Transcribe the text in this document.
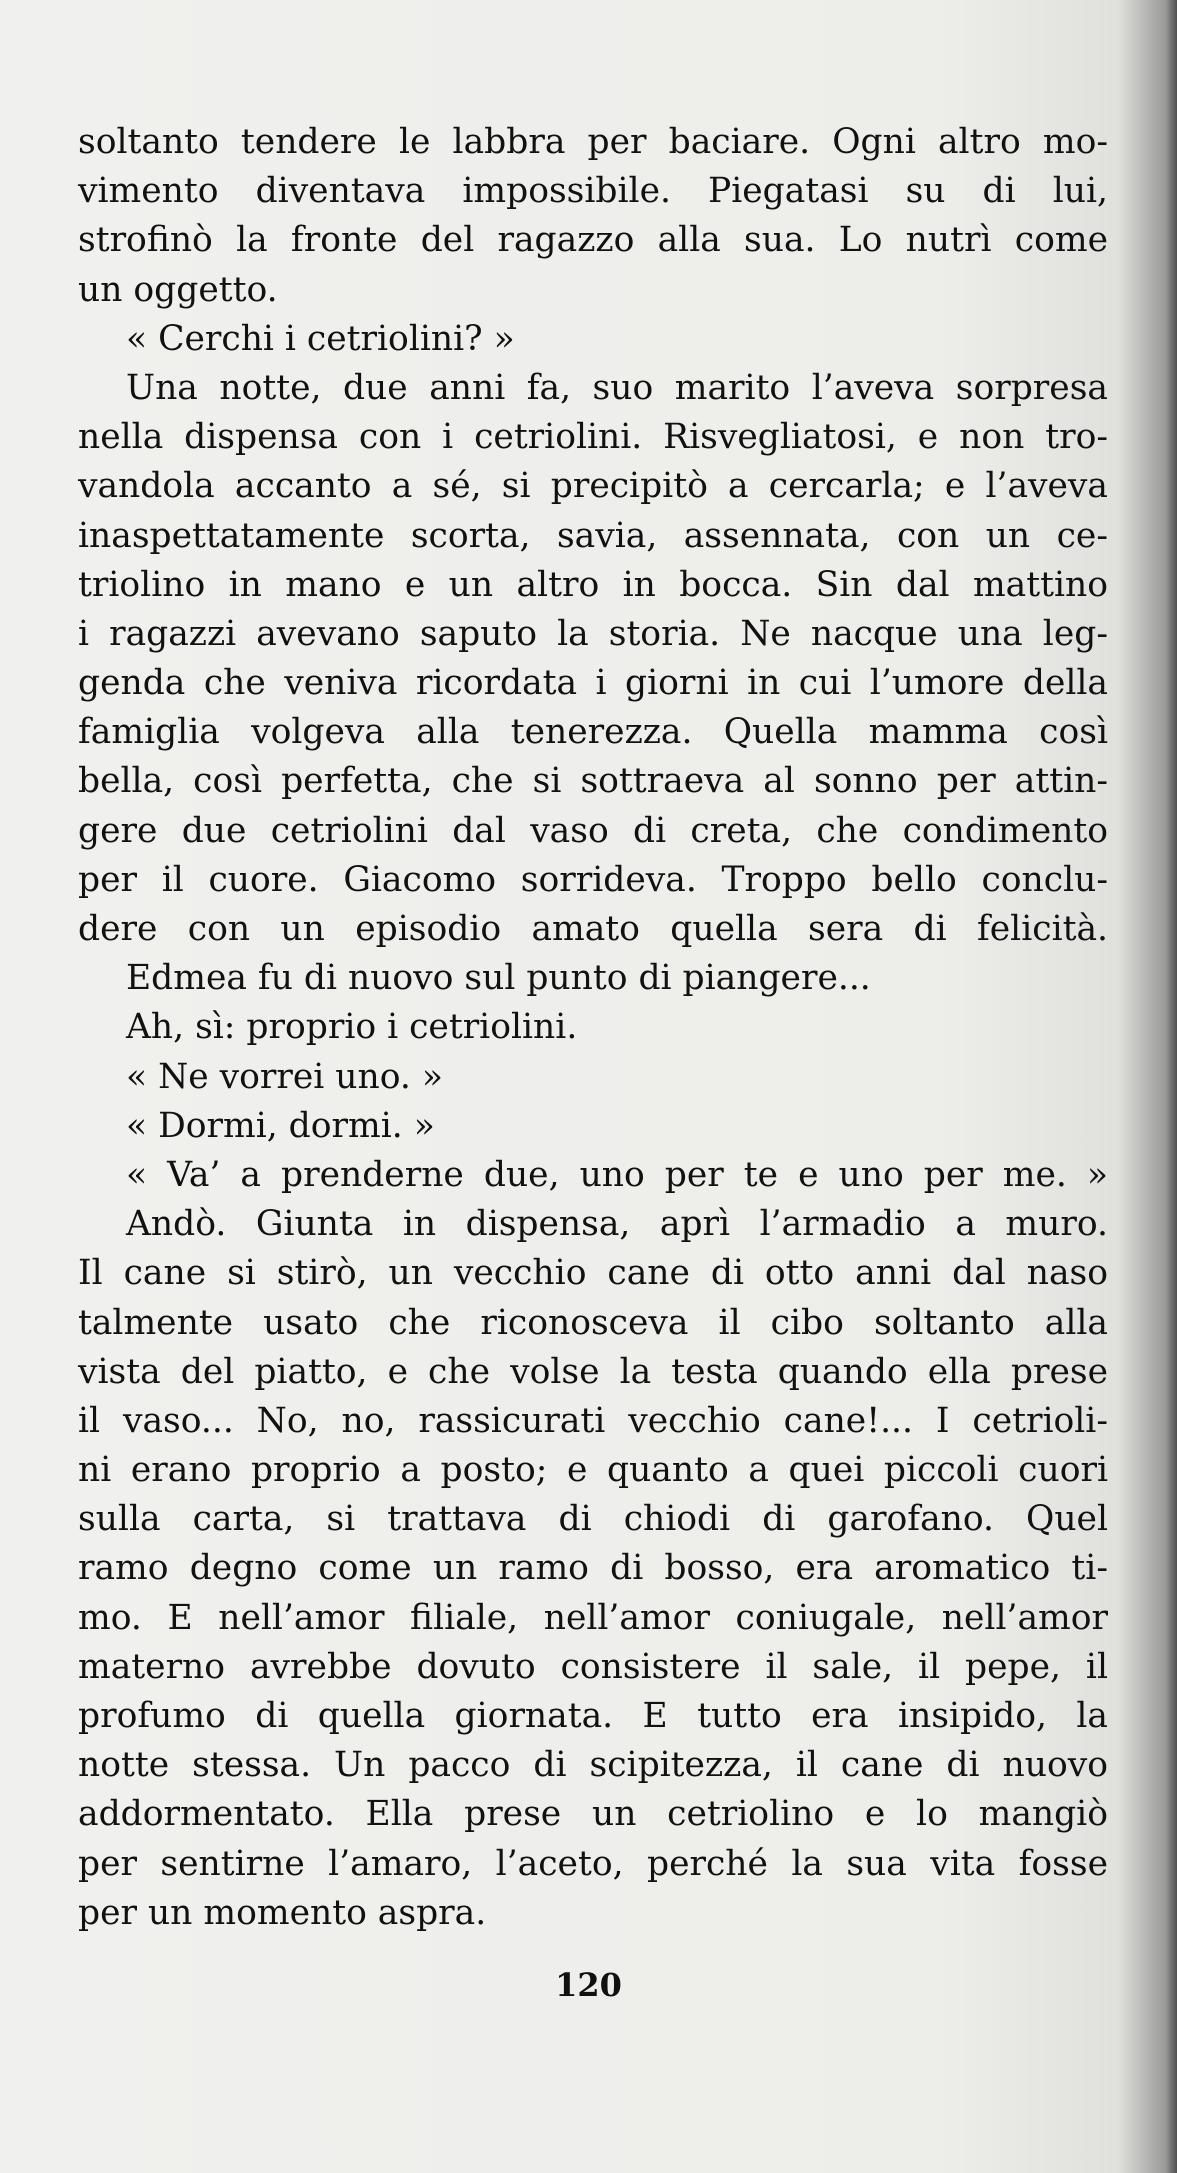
soltanto tendere le labbra per baciare. Ogni altro mo-
vimento diventava impossibile. Piegatasi su di lui,
strofinò la fronte del ragazzo alla sua. Lo nutrì come
un oggetto.
« Cerchi i cetriolini? »
Una notte, due anni fa, suo marito l’aveva sorpresa
nella dispensa con i cetriolini. Risvegliatosi, e non tro-
vandola accanto a sé, si precipitò a cercarla; e l’aveva
inaspettatamente scorta, savia, assennata, con un ce-
triolino in mano e un altro in bocca. Sin dal mattino
i ragazzi avevano saputo la storia. Ne nacque una leg-
genda che veniva ricordata i giorni in cui l’umore della
famiglia volgeva alla tenerezza. Quella mamma così
bella, così perfetta, che si sottraeva al sonno per attin-
gere due cetriolini dal vaso di creta, che condimento
per il cuore. Giacomo sorrideva. Troppo bello conclu-
dere con un episodio amato quella sera di felicità.
Edmea fu di nuovo sul punto di piangere...
Ah, sì: proprio i cetriolini.
« Ne vorrei uno. »
« Dormi, dormi. »
« Va’ a prenderne due, uno per te e uno per me. »
Andò. Giunta in dispensa, aprì l’armadio a muro.
Il cane si stirò, un vecchio cane di otto anni dal naso
talmente usato che riconosceva il cibo soltanto alla
vista del piatto, e che volse la testa quando ella prese
il vaso... No, no, rassicurati vecchio cane!... I cetrioli-
ni erano proprio a posto; e quanto a quei piccoli cuori
sulla carta, si trattava di chiodi di garofano. Quel
ramo degno come un ramo di bosso, era aromatico ti-
mo. E nell’amor filiale, nell’amor coniugale, nell’amor
materno avrebbe dovuto consistere il sale, il pepe, il
profumo di quella giornata. E tutto era insipido, la
notte stessa. Un pacco di scipitezza, il cane di nuovo
addormentato. Ella prese un cetriolino e lo mangiò
per sentirne l’amaro, l’aceto, perché la sua vita fosse
per un momento aspra.
120
